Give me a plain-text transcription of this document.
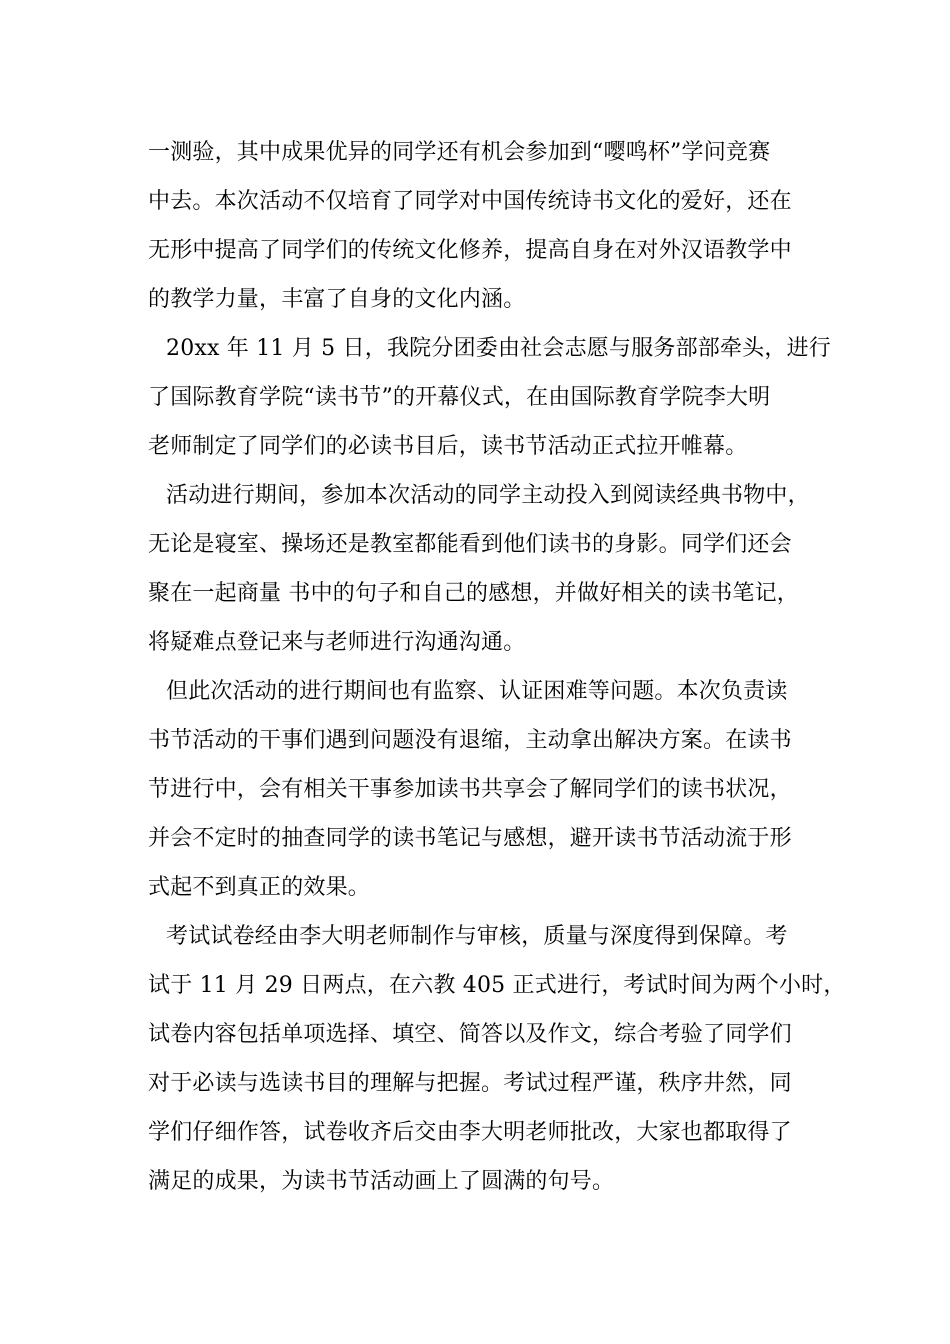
一测验，其中成果优异的同学还有机会参加到“嘤鸣杯”学问竞赛
中去。本次活动不仅培育了同学对中国传统诗书文化的爱好，还在
无形中提高了同学们的传统文化修养，提高自身在对外汉语教学中
的教学力量，丰富了自身的文化内涵。
20xx 年 11 月 5 日，我院分团委由社会志愿与服务部部牵头，进行
了国际教育学院“读书节”的开幕仪式，在由国际教育学院李大明
老师制定了同学们的必读书目后，读书节活动正式拉开帷幕。
活动进行期间，参加本次活动的同学主动投入到阅读经典书物中，
无论是寝室、操场还是教室都能看到他们读书的身影。同学们还会
聚在一起商量 书中的句子和自己的感想，并做好相关的读书笔记，
将疑难点登记来与老师进行沟通沟通。
但此次活动的进行期间也有监察、认证困难等问题。本次负责读
书节活动的干事们遇到问题没有退缩，主动拿出解决方案。在读书
节进行中，会有相关干事参加读书共享会了解同学们的读书状况，
并会不定时的抽查同学的读书笔记与感想，避开读书节活动流于形
式起不到真正的效果。
考试试卷经由李大明老师制作与审核，质量与深度得到保障。考
试于 11 月 29 日两点，在六教 405 正式进行，考试时间为两个小时，
试卷内容包括单项选择、填空、简答以及作文，综合考验了同学们
对于必读与选读书目的理解与把握。考试过程严谨，秩序井然，同
学们仔细作答，试卷收齐后交由李大明老师批改，大家也都取得了
满足的成果，为读书节活动画上了圆满的句号。
